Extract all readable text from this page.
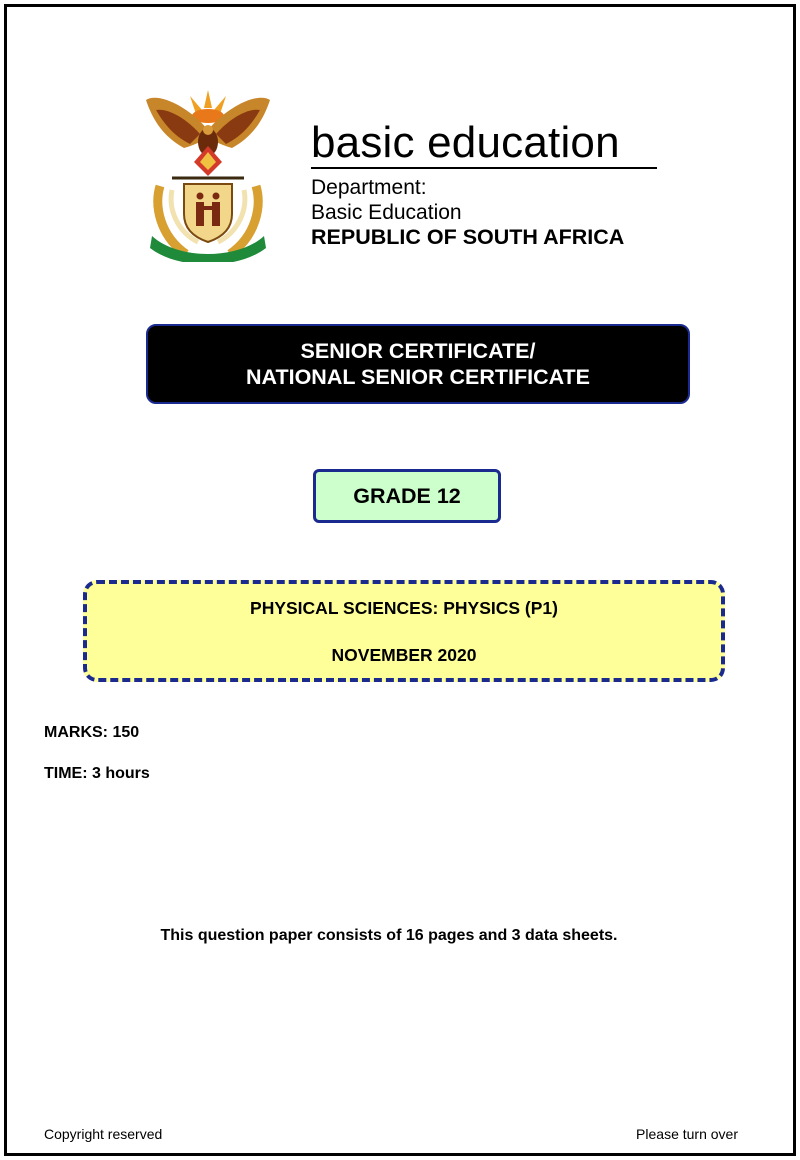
basic education
Department:
Basic Education
REPUBLIC OF SOUTH AFRICA
SENIOR CERTIFICATE/
NATIONAL SENIOR CERTIFICATE
GRADE 12
PHYSICAL SCIENCES: PHYSICS (P1)
NOVEMBER 2020
MARKS: 150
TIME: 3 hours
This question paper consists of 16 pages and 3 data sheets.
Copyright reserved	Please turn over
